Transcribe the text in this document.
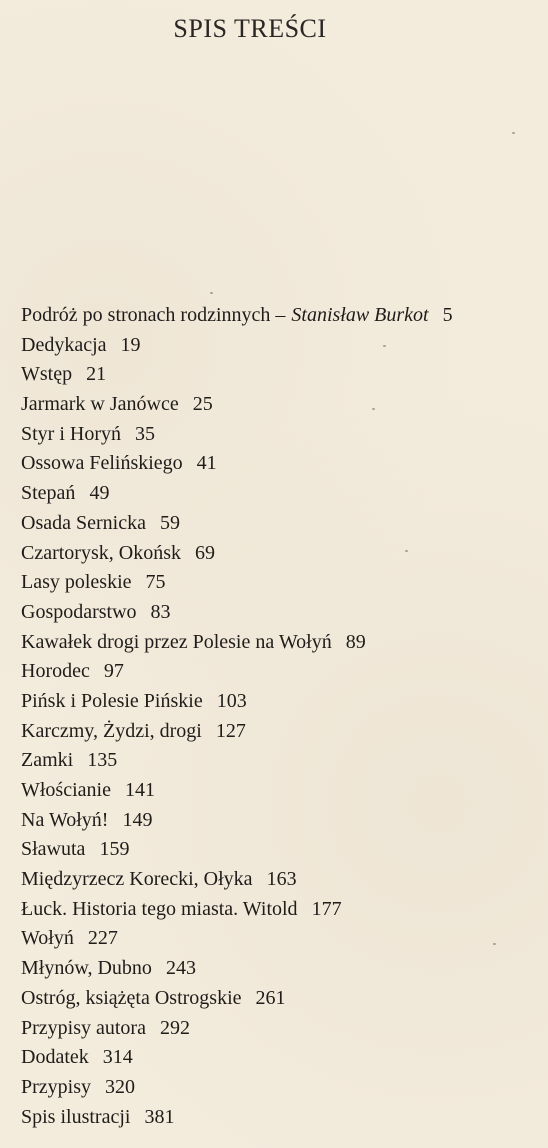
SPIS TREŚCI
Podróż po stronach rodzinnych – Stanisław Burkot 5
Dedykacja 19
Wstęp 21
Jarmark w Janówce 25
Styr i Horyń 35
Ossowa Felińskiego 41
Stepań 49
Osada Sernicka 59
Czartorysk, Okońsk 69
Lasy poleskie 75
Gospodarstwo 83
Kawałek drogi przez Polesie na Wołyń 89
Horodec 97
Pińsk i Polesie Pińskie 103
Karczmy, Żydzi, drogi 127
Zamki 135
Włościanie 141
Na Wołyń! 149
Sławuta 159
Międzyrzecz Korecki, Ołyka 163
Łuck. Historia tego miasta. Witold 177
Wołyń 227
Młynów, Dubno 243
Ostróg, książęta Ostrogskie 261
Przypisy autora 292
Dodatek 314
Przypisy 320
Spis ilustracji 381
